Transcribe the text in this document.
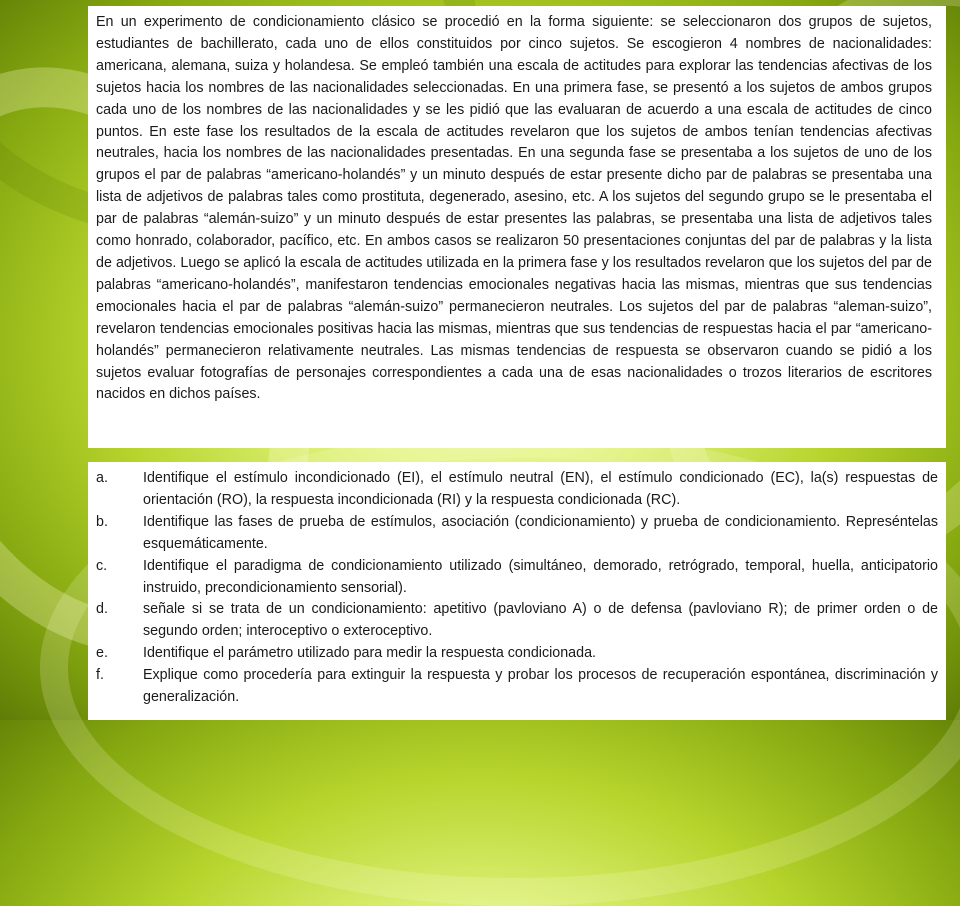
En un experimento de condicionamiento clásico se procedió en la forma siguiente: se seleccionaron dos grupos de sujetos, estudiantes de bachillerato, cada uno de ellos constituidos por cinco sujetos. Se escogieron 4 nombres de nacionalidades: americana, alemana, suiza y holandesa. Se empleó también una escala de actitudes para explorar las tendencias afectivas de los sujetos hacia los nombres de las nacionalidades seleccionadas. En una primera fase, se presentó a los sujetos de ambos grupos cada uno de los nombres de las nacionalidades y se les pidió que las evaluaran de acuerdo a una escala de actitudes de cinco puntos. En este fase los resultados de la escala de actitudes revelaron que los sujetos de ambos tenían tendencias afectivas neutrales, hacia los nombres de las nacionalidades presentadas. En una segunda fase se presentaba a los sujetos de uno de los grupos el par de palabras “americano-holandés” y un minuto después de estar presente dicho par de palabras se presentaba una lista de adjetivos de palabras tales como prostituta, degenerado, asesino, etc. A los sujetos del segundo grupo se le presentaba el par de palabras “alemán-suizo” y un minuto después de estar presentes las palabras, se presentaba una lista de adjetivos tales como honrado, colaborador, pacífico, etc. En ambos casos se realizaron 50 presentaciones conjuntas del par de palabras y la lista de adjetivos. Luego se aplicó la escala de actitudes utilizada en la primera fase y los resultados revelaron que los sujetos del par de palabras “americano-holandés”, manifestaron tendencias emocionales negativas hacia las mismas, mientras que sus tendencias emocionales hacia el par de palabras “alemán-suizo” permanecieron neutrales. Los sujetos del par de palabras “aleman-suizo”, revelaron tendencias emocionales positivas hacia las mismas, mientras que sus tendencias de respuestas hacia el par “americano-holandés” permanecieron relativamente neutrales. Las mismas tendencias de respuesta se observaron cuando se pidió a los sujetos evaluar fotografías de personajes correspondientes a cada una de esas nacionalidades o trozos literarios de escritores nacidos en dichos países.

a.	Identifique el estímulo incondicionado (EI), el estímulo neutral (EN), el estímulo condicionado (EC), la(s) respuestas de orientación (RO), la respuesta incondicionada (RI) y la respuesta condicionada (RC).
b.	Identifique las fases de prueba de estímulos, asociación (condicionamiento) y prueba de condicionamiento. Represéntelas esquemáticamente.
c.	Identifique el paradigma de condicionamiento utilizado (simultáneo, demorado, retrógrado, temporal, huella, anticipatorio instruido, precondicionamiento sensorial).
d.	señale si se trata de un condicionamiento: apetitivo (pavloviano A) o de defensa (pavloviano R); de primer orden o de segundo orden; interoceptivo o exteroceptivo.
e.	Identifique el parámetro utilizado para medir la respuesta condicionada.
f.	Explique como procedería para extinguir la respuesta y probar los procesos de recuperación espontánea, discriminación y generalización.
